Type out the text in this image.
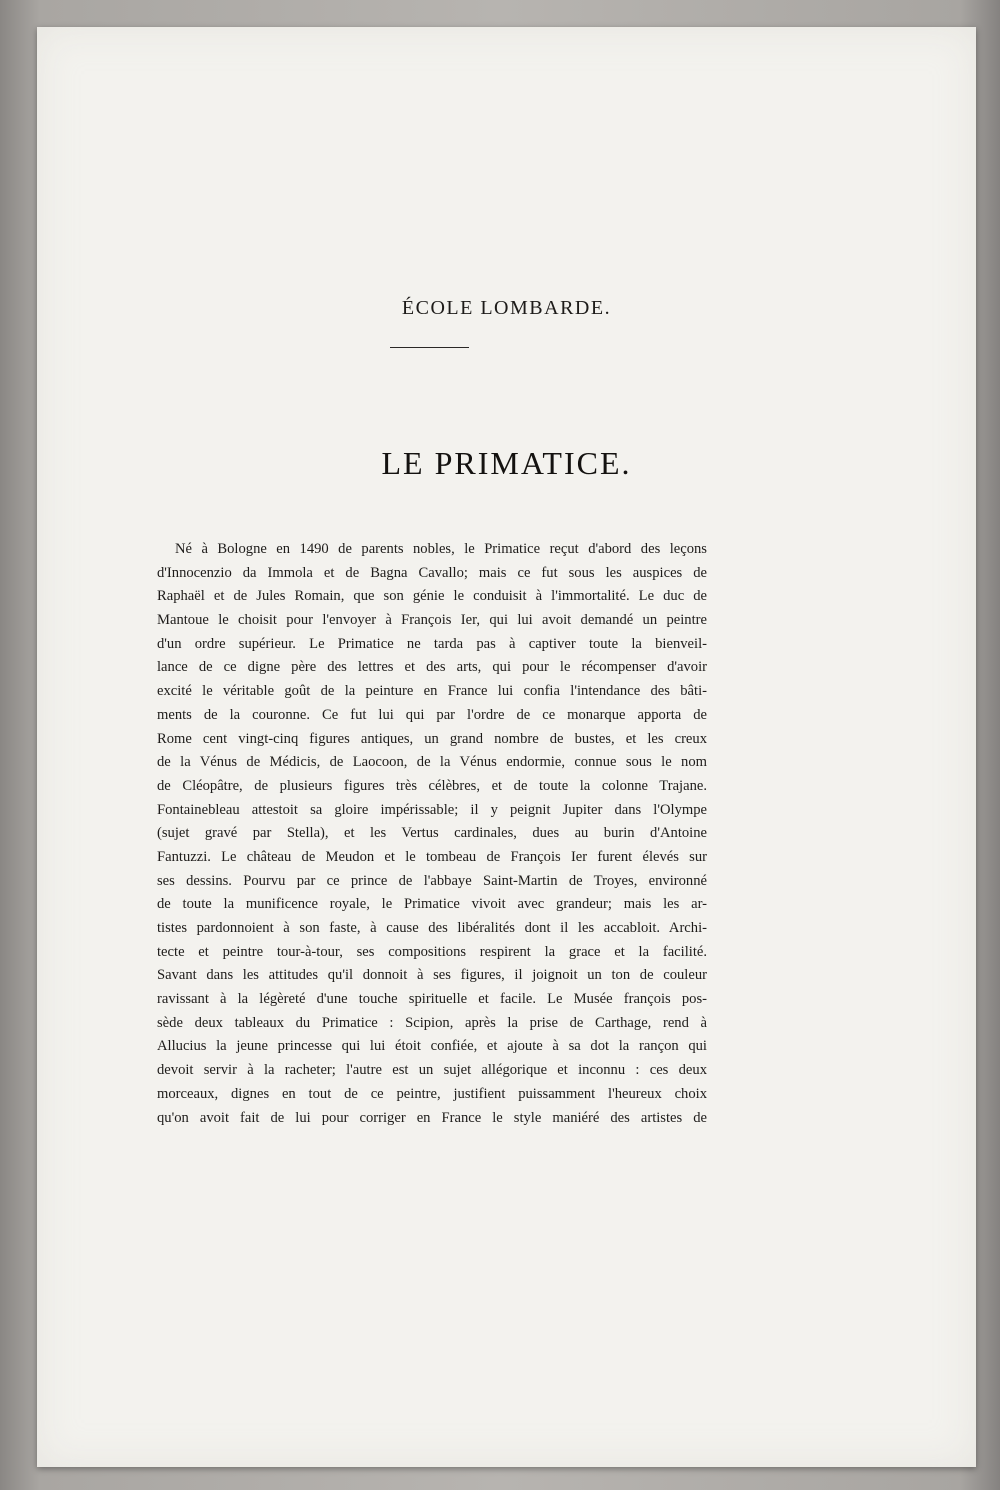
ÉCOLE LOMBARDE.
LE PRIMATICE.
Né à Bologne en 1490 de parents nobles, le Primatice reçut d'abord des leçons
d'Innocenzio da Immola et de Bagna Cavallo; mais ce fut sous les auspices de
Raphaël et de Jules Romain, que son génie le conduisit à l'immortalité. Le duc de
Mantoue le choisit pour l'envoyer à François Ier, qui lui avoit demandé un peintre
d'un ordre supérieur. Le Primatice ne tarda pas à captiver toute la bienveil-
lance de ce digne père des lettres et des arts, qui pour le récompenser d'avoir
excité le véritable goût de la peinture en France lui confia l'intendance des bâti-
ments de la couronne. Ce fut lui qui par l'ordre de ce monarque apporta de
Rome cent vingt-cinq figures antiques, un grand nombre de bustes, et les creux
de la Vénus de Médicis, de Laocoon, de la Vénus endormie, connue sous le nom
de Cléopâtre, de plusieurs figures très célèbres, et de toute la colonne Trajane.
Fontainebleau attestoit sa gloire impérissable; il y peignit Jupiter dans l'Olympe
(sujet gravé par Stella), et les Vertus cardinales, dues au burin d'Antoine
Fantuzzi. Le château de Meudon et le tombeau de François Ier furent élevés sur
ses dessins. Pourvu par ce prince de l'abbaye Saint-Martin de Troyes, environné
de toute la munificence royale, le Primatice vivoit avec grandeur; mais les ar-
tistes pardonnoient à son faste, à cause des libéralités dont il les accabloit. Archi-
tecte et peintre tour-à-tour, ses compositions respirent la grace et la facilité.
Savant dans les attitudes qu'il donnoit à ses figures, il joignoit un ton de couleur
ravissant à la légèreté d'une touche spirituelle et facile. Le Musée françois pos-
sède deux tableaux du Primatice : Scipion, après la prise de Carthage, rend à
Allucius la jeune princesse qui lui étoit confiée, et ajoute à sa dot la rançon qui
devoit servir à la racheter; l'autre est un sujet allégorique et inconnu : ces deux
morceaux, dignes en tout de ce peintre, justifient puissamment l'heureux choix
qu'on avoit fait de lui pour corriger en France le style maniéré des artistes de
